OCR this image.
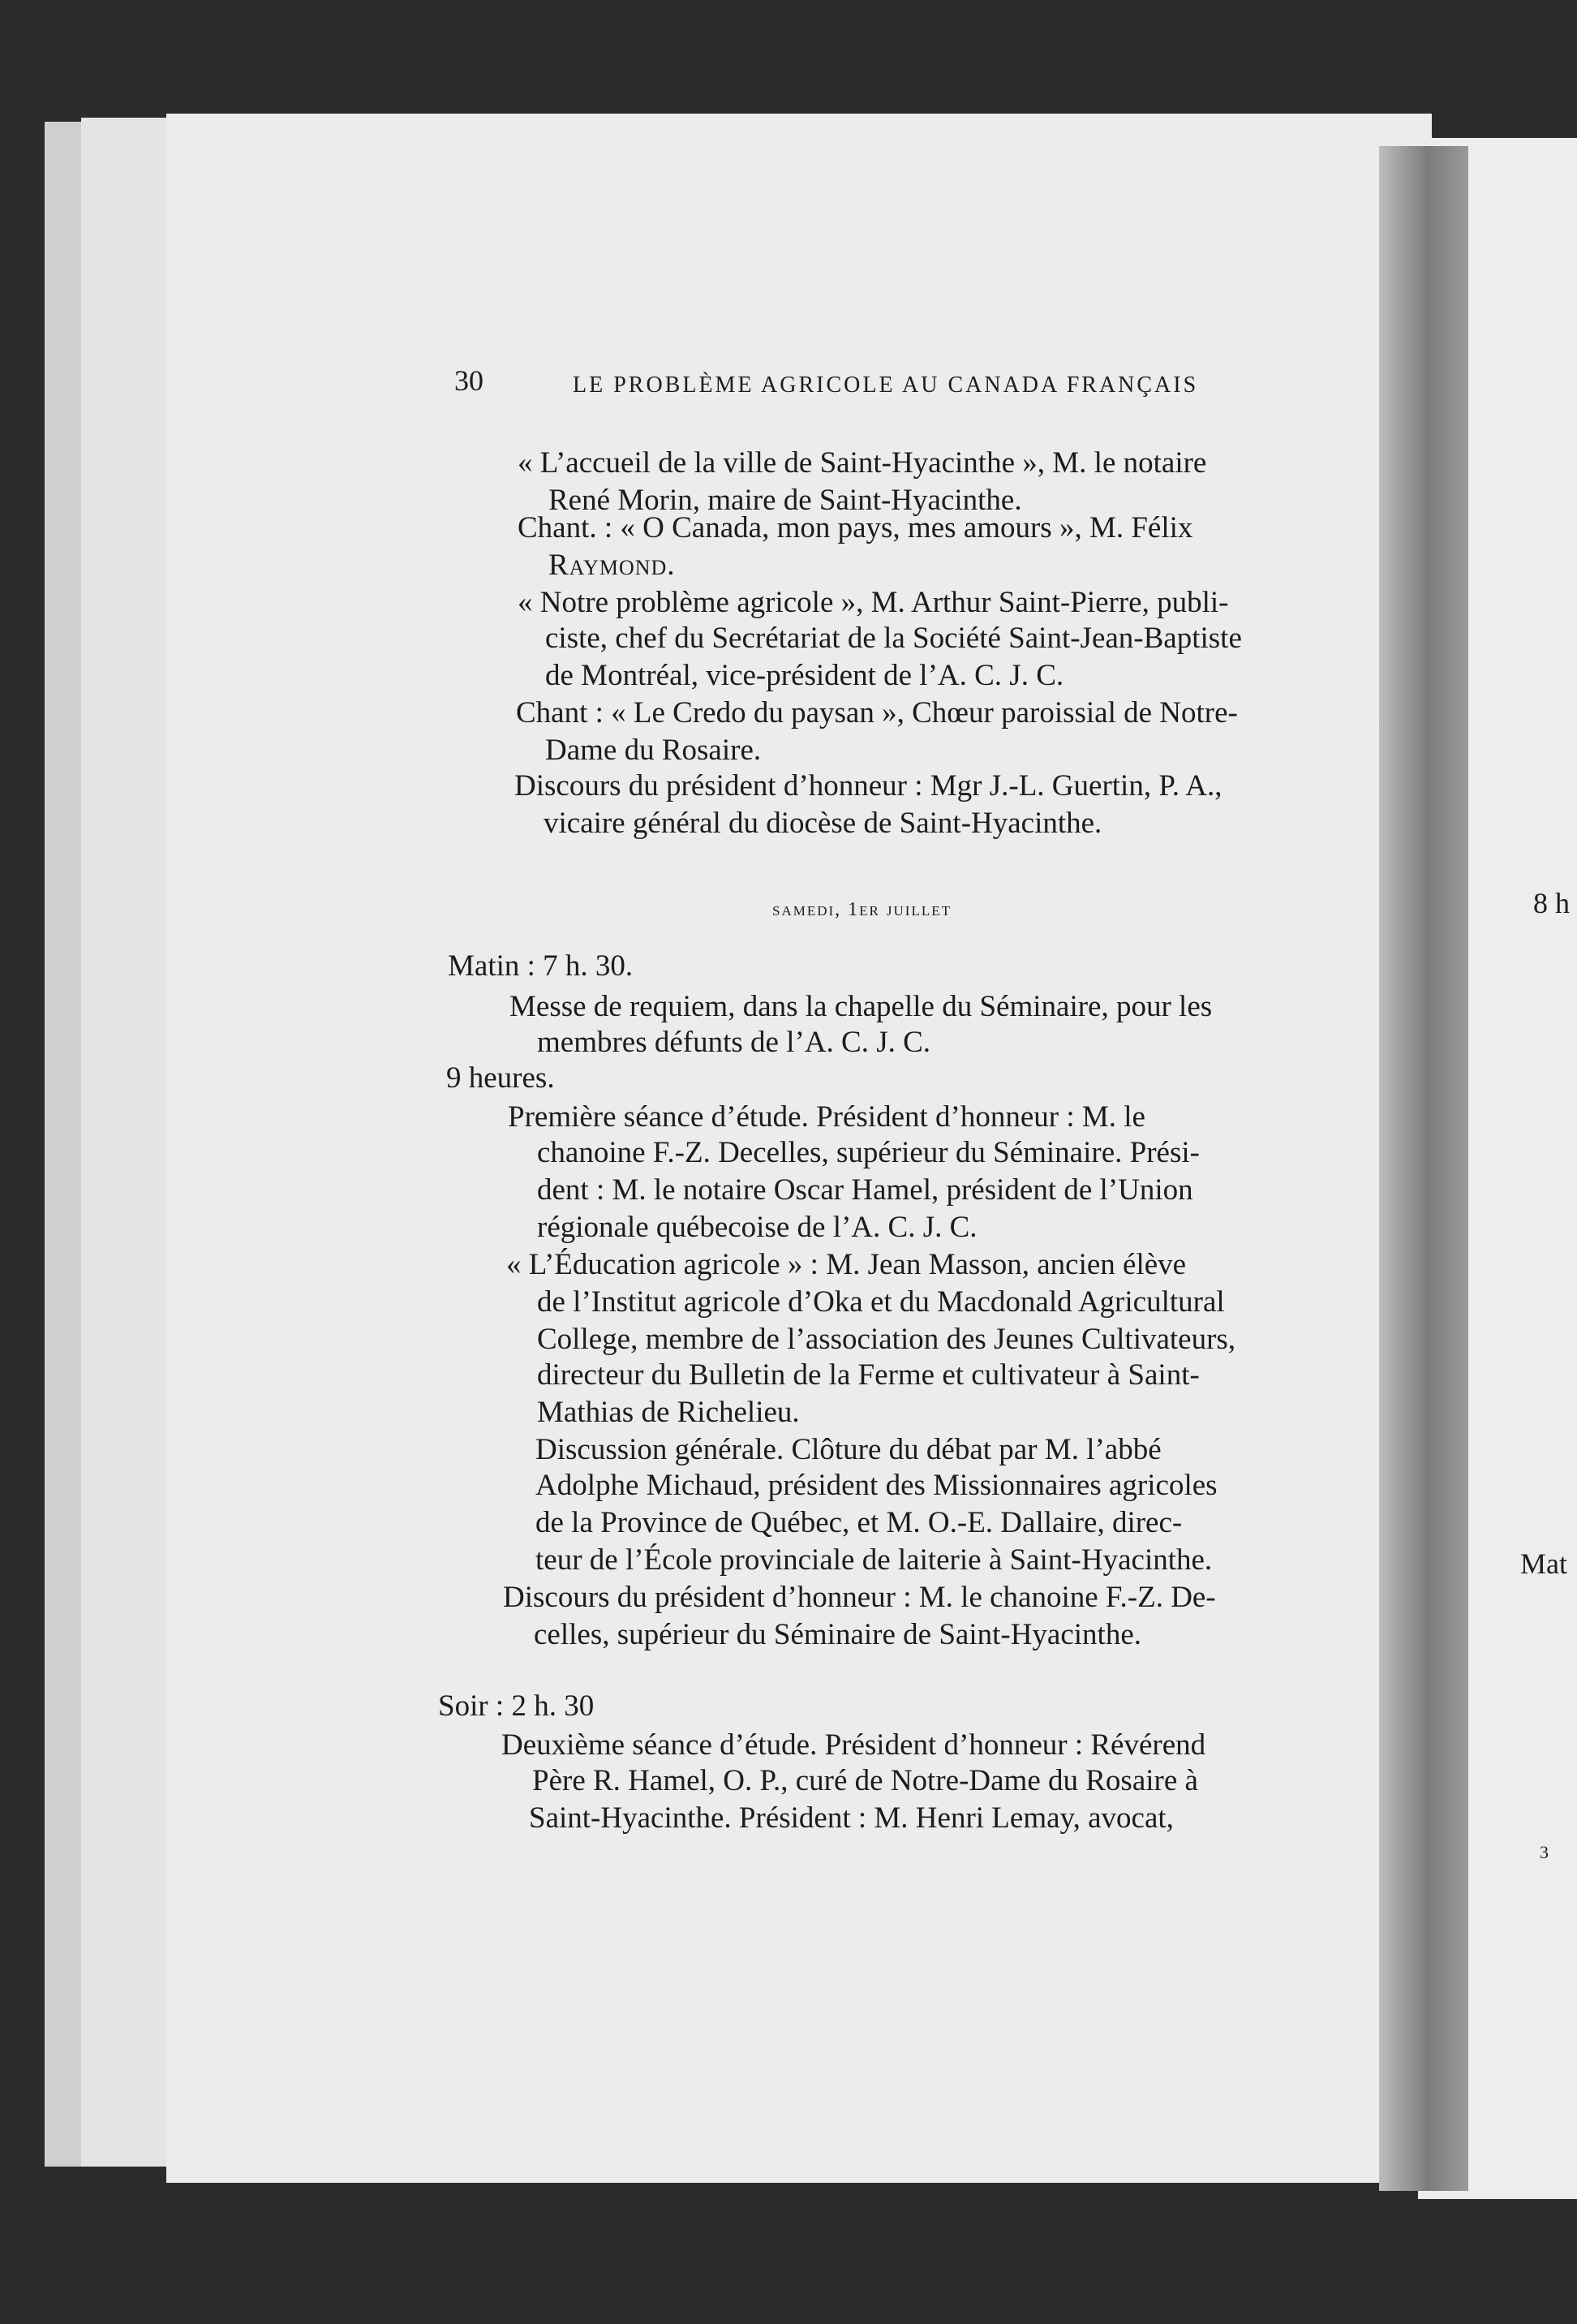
8 h
Mat
3
30	LE PROBLÈME AGRICOLE AU CANADA FRANÇAIS
« L’accueil de la ville de Saint-Hyacinthe », M. le notaire
René Morin, maire de Saint-Hyacinthe.
Chant. : « O Canada, mon pays, mes amours », M. Félix
Raymond.
« Notre problème agricole », M. Arthur Saint-Pierre, publi-
ciste, chef du Secrétariat de la Société Saint-Jean-Baptiste
de Montréal, vice-président de l’A. C. J. C.
Chant : « Le Credo du paysan », Chœur paroissial de Notre-
Dame du Rosaire.
Discours du président d’honneur : Mgr J.-L. Guertin, P. A.,
vicaire général du diocèse de Saint-Hyacinthe.
samedi, 1er juillet
Matin : 7 h. 30.
Messe de requiem, dans la chapelle du Séminaire, pour les
membres défunts de l’A. C. J. C.
9 heures.
Première séance d’étude. Président d’honneur : M. le
chanoine F.-Z. Decelles, supérieur du Séminaire. Prési-
dent : M. le notaire Oscar Hamel, président de l’Union
régionale québecoise de l’A. C. J. C.
« L’Éducation agricole » : M. Jean Masson, ancien élève
de l’Institut agricole d’Oka et du Macdonald Agricultural
College, membre de l’association des Jeunes Cultivateurs,
directeur du Bulletin de la Ferme et cultivateur à Saint-
Mathias de Richelieu.
Discussion générale. Clôture du débat par M. l’abbé
Adolphe Michaud, président des Missionnaires agricoles
de la Province de Québec, et M. O.-E. Dallaire, direc-
teur de l’École provinciale de laiterie à Saint-Hyacinthe.
Discours du président d’honneur : M. le chanoine F.-Z. De-
celles, supérieur du Séminaire de Saint-Hyacinthe.
Soir : 2 h. 30
Deuxième séance d’étude. Président d’honneur : Révérend
Père R. Hamel, O. P., curé de Notre-Dame du Rosaire à
Saint-Hyacinthe. Président : M. Henri Lemay, avocat,
